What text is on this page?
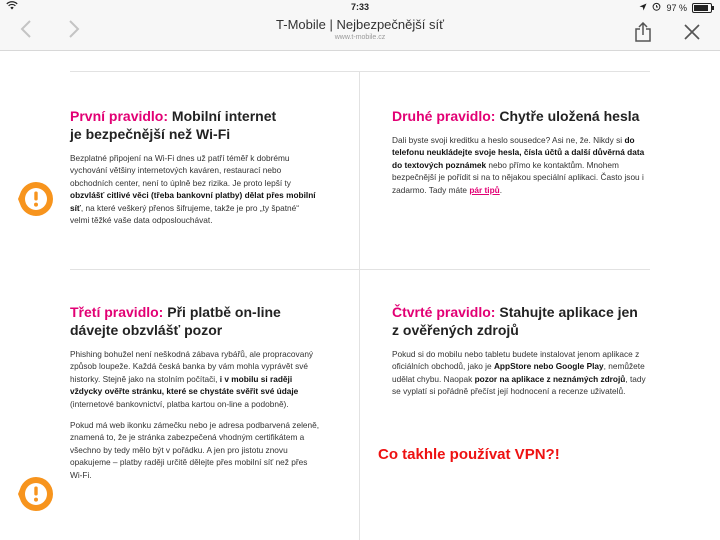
7:33	97 %
T-Mobile | Nejbezpečnější síť
www.t-mobile.cz
První pravidlo: Mobilní internet
je bezpečnější než Wi-Fi

Bezplatné připojení na Wi-Fi dnes už patří téměř k dobrému vychování většiny internetových kaváren, restaurací nebo obchodních center, není to úplně bez rizika. Je proto lepší ty obzvlášť citlivé věci (třeba bankovní platby) dělat přes mobilní síť, na které veškerý přenos šifrujeme, takže je pro „ty špatné“ velmi těžké vaše data odposlouchávat.

Druhé pravidlo: Chytře uložená hesla

Dali byste svoji kreditku a heslo sousedce? Asi ne, že. Nikdy si do telefonu neukládejte svoje hesla, čísla účtů a další důvěrná data do textových poznámek nebo přímo ke kontaktům. Mnohem bezpečnější je pořídit si na to nějakou speciální aplikaci. Často jsou i zadarmo. Tady máte pár tipů.

Třetí pravidlo: Při platbě on-line
dávejte obzvlášť pozor

Phishing bohužel není neškodná zábava rybářů, ale propracovaný způsob loupeže. Každá česká banka by vám mohla vyprávět své historky. Stejně jako na stolním počítači, i v mobilu si raději vždycky ověřte stránku, které se chystáte svěřit své údaje (internetové bankovnictví, platba kartou on-line a podobně).

Pokud má web ikonku zámečku nebo je adresa podbarvená zeleně, znamená to, že je stránka zabezpečená vhodným certifikátem a všechno by tedy mělo být v pořádku. A jen pro jistotu znovu opakujeme – platby raději určitě dělejte přes mobilní síť než přes Wi-Fi.

Čtvrté pravidlo: Stahujte aplikace jen
z ověřených zdrojů

Pokud si do mobilu nebo tabletu budete instalovat jenom aplikace z oficiálních obchodů, jako je AppStore nebo Google Play, nemůžete udělat chybu. Naopak pozor na aplikace z neznámých zdrojů, tady se vyplatí si pořádně přečíst její hodnocení a recenze uživatelů.

Co takhle používat VPN?!
